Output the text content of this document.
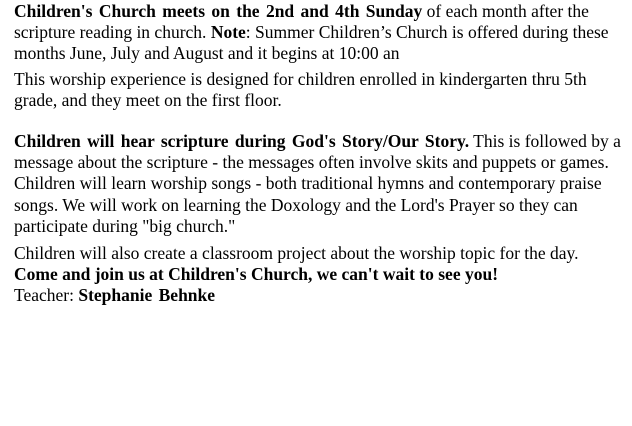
Children's Church meets on the 2nd and 4th Sunday of each month after the scripture reading in church. Note: Summer Children’s Church is offered during these months June, July and August and it begins at 10:00 an

This worship experience is designed for children enrolled in kindergarten thru 5th grade, and they meet on the first floor.

Children will hear scripture during God's Story/Our Story. This is followed by a message about the scripture - the messages often involve skits and puppets or games. Children will learn worship songs - both traditional hymns and contemporary praise songs. We will work on learning the Doxology and the Lord's Prayer so they can participate during "big church."

Children will also create a classroom project about the worship topic for the day. Come and join us at Children's Church, we can't wait to see you!

Teacher: Stephanie Behnke
